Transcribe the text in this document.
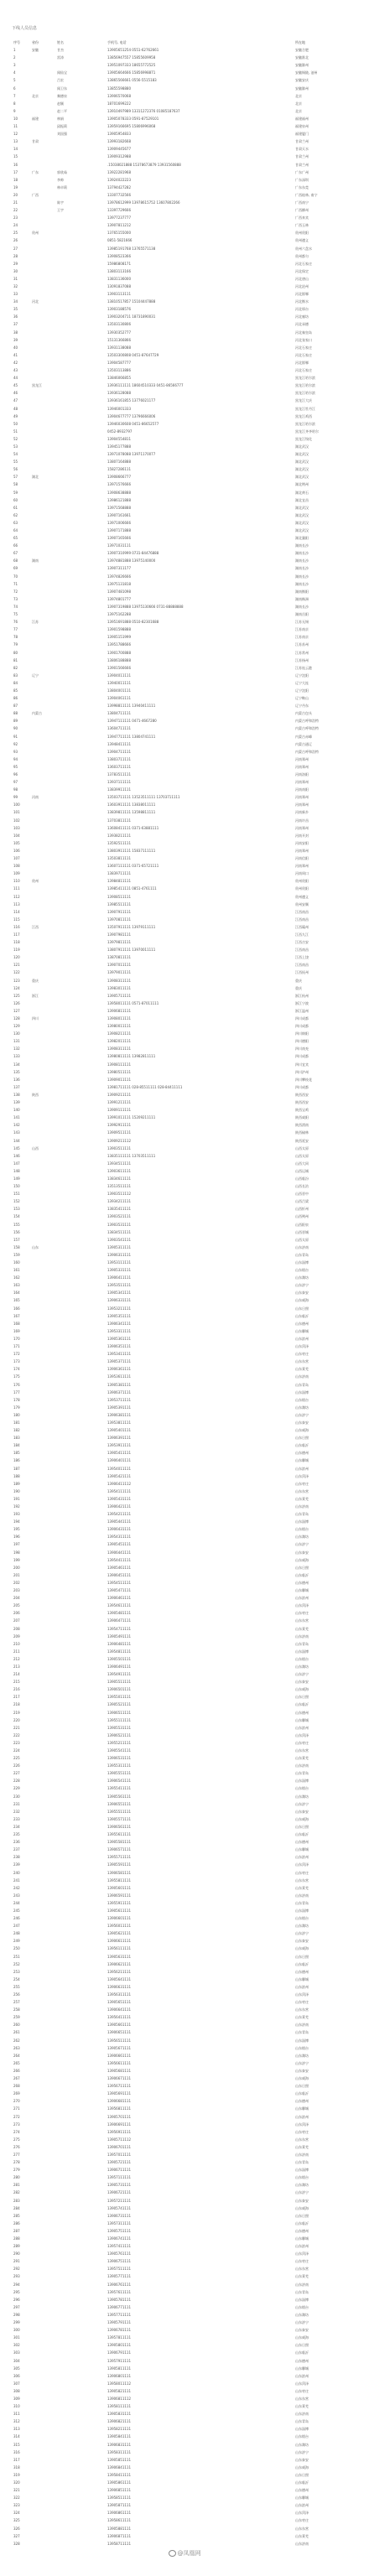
下线人员信息
序号	省份	姓名	手机号, 电话	所在地
1	安徽	甘杰	13905651254 0551-62762661	安徽合肥
2		雷涛	13856947557 15855609958	安徽淮北
3			13951097333 18655772525	安徽滁州
4		闻仙宝	13905664666 15856998871	安徽铜陵, 池州
5		吕宏	13865566661 0556-5515183	安徽安庆
6		闻卫东	13855598880	安徽滁州
7	北京	黎德泉	13906570068	北京
8		赵颖	18701699222	北京
9		赵二平	13910497989 13311272376 01085187637	北京
10	福建	林娟	13905078333 0591-87529101	福建福州
11		邱振莉	13959166695 15806996068	福建泉州
12		刘国强	13905954833	福建厦门
13	甘肃		13993182668	甘肃兰州
14			13909445677	甘肃天水
15			13909312988	甘肃兰州
16			.15038021888 15378673879 13931560888	甘肃兰州
17	广东	郭欣茹	13922281968	广东广州
18		李帅	13924022223	广东深圳
19		林卓莉	13794427282	广东东莞
20	广西		13307732566	广西桂林, 南宁
21		陈宇	13978612999 13978615752 13607802266	广西南宁
22		王宇	13397729666	广西柳州
23			13977237777	广西来宾
24			13907811212	广西玉林
25	贵州		13765155000	贵州贵阳
26			0851-5821666	贵州遵义
27			13985191768 13765571138	贵州六盘水
28			13908523366	贵州都匀
29			15986808171	河北石家庄
30			13803113166	河北保定
31			13831136000	河北唐山
32			13091837088	河北沧州
33			13903113111	河北邯郸
34	河北		13810517857 15104447888	河北衡水
35			13903188576	河北邢台
36			13903204711 18731890031	河北廊坊
37			13503130806	河北承德
38			13930352777	河北秦皇岛
39			15131366866	河北张家口
40			13931138088	河北石家庄
41			13503300808 0451-87647729	河北石家庄
42			13904587777	河北邯郸
43			13503113886	河北石家庄
44			13846066855	黑龙江哈尔滨
45	黑龙江		13936111111 18604510333 0451-86566777	黑龙江哈尔滨
46			13936128088	黑龙江哈尔滨
47			13936161855 13776021177	黑龙江大庆
48			13946001333	黑龙江牡丹江
49			13904677777 13796666006	黑龙江鸡西
50			13946030608 0451-86652577	黑龙江哈尔滨
51			0452-8932797	黑龙江齐齐哈尔
52			13904554811	黑龙江绥化
53			13945177888	湖北武汉
54			13971078088 13971170077	湖北武汉
55			13807164888	湖北武汉
56			15827286111	湖北武汉
57	湖北		13908666777	湖北武汉
58			13971576666	湖北荆州
59			13908638888	湖北黄石
60			13986121888	湖北宜昌
61			13971568888	湖北武汉
62			13907161661	湖北武汉
63			13971006666	湖北武汉
64			13907171888	湖北武汉
65			13907165666	湖北襄阳
66			13971031111	湖南长沙
67			13907310999 0731-84476888	湖南长沙
68	湖南		13974881888 13975140000	湖南长沙
69			13907311177	湖南长沙
70			13974826666	湖南长沙
71			13975131818	湖南长沙
72			13907481098	湖南衡阳
73			13974801777	湖南株洲
74			13907319888 13975130666 0731-88888888	湖南长沙
75			13975162288	湖南岳阳
76	江苏		13951691888 0510-82301688	江苏无锡
77			13901598888	江苏南京
78			13905151999	江苏南京
79			13951788666	江苏苏州
80			13901700888	江苏常州
81			13806188888	江苏扬州
82			13901566666	江苏连云港
83	辽宁		13904011111	辽宁沈阳
84			13940011111	辽宁大连
85			13804001111	辽宁沈阳
86			13904061111	辽宁鞍山
87			13998811111 13940411111	辽宁丹东
88	内蒙古		13804711111	内蒙古包头
89			13947111111 0471-4667280	内蒙古呼和浩特
90			13604711111	内蒙古呼和浩特
91			13947711111 13804741111	内蒙古赤峰
92			13948411111	内蒙古通辽
93			13904711111	内蒙古呼和浩特
94			13803711111	河南郑州
95			13603711111	河南郑州
96			13783511111	河南洛阳
97			13937111111	河南郑州
98			13839911111	河南南阳
99	河南		13503711111 13523511111 13703711111	河南郑州
100			13603911111 13838011111	河南郑州
101			13839811111 13598811111	河南新乡
102			13703811111	河南许昌
103			13608411111 0371-63881111	河南郑州
104			13938211111	河南开封
105			13592511111	河南安阳
106			13803911111 15837111111	河南郑州
107			13503811111	河南信阳
108			13607111111 0371-65721111	河南郑州
109			13839711111	河南周口
110	贵州		13984811111	贵州贵阳
111			13985411111 0851-4761111	贵州贵阳
112			13908511111	贵州遵义
113			13985511111	贵州安顺
114			13907911111	江西南昌
115			13970811111	江西南昌
116	江西		13507911111 13979111111	江西赣州
117			13907981111	江西九江
118			13979811111	江西吉安
119			13807911111 13970011111	江西南昌
120			13870811111	江西上饶
121			13907011111	江西南昌
122			13979011111	江西抚州
123	重庆		13908311111	重庆
124			13983011111	重庆
125	浙江		13905711111	浙江杭州
126			13958011111 0571-87011111	浙江宁波
127			13906811111	浙江温州
128	四川		13908011111	四川成都
129			13980011111	四川成都
130			13908211111	四川绵阳
131			13982011111	四川德阳
132			13908311111	四川南充
133			13980811111 13982811111	四川成都
134			13908111111	四川宜宾
135			13980511111	四川泸州
136			13909011111	四川攀枝花
137			13981711111 028-85511111 028-84411111	四川成都
138	陕西		13909211111	陕西西安
139			13991211111	陕西西安
140			13909111111	陕西宝鸡
141			13991011111 15209211111	陕西咸阳
142			13992911111	陕西渭南
143			13909511111	陕西榆林
144			13909211112	陕西延安
145	山西		13903511111	山西太原
146			13835111111 13703511111	山西太原
147			13934511111	山西大同
148			13903611111	山西运城
149			13834611111	山西临汾
150			13513511111	山西长治
151			13903511112	山西晋中
152			13934211111	山西吕梁
153			13835411111	山西忻州
154			13903521111	山西朔州
155			13903531111	山西阳泉
156			13834511111	山西晋城
157			13903541111	山西太原
158	山东		13905311111	山东济南
159			13906311111	山东青岛
160			13953111111	山东淄博
161			13905331111	山东烟台
162			13906411111	山东潍坊
163			13953511111	山东济宁
164			13905341111	山东泰安
165			13906331111	山东威海
166			13953211111	山东日照
167			13905351111	山东临沂
168			13906341111	山东德州
169			13953311111	山东聊城
170			13905361111	山东滨州
171			13906351111	山东菏泽
172			13953411111	山东枣庄
173			13905371111	山东东营
174			13906361111	山东莱芜
175			13953611111	山东济南
176			13905381111	山东青岛
177			13906371111	山东淄博
178			13953711111	山东烟台
179			13905391111	山东潍坊
180			13906381111	山东济宁
181			13953811111	山东泰安
182			13905401111	山东威海
183			13906391111	山东日照
184			13953911111	山东临沂
185			13905411111	山东德州
186			13906401111	山东聊城
187			13954011111	山东滨州
188			13905421111	山东菏泽
189			13906411112	山东枣庄
190			13954111111	山东东营
191			13905431111	山东莱芜
192			13906421111	山东济南
193			13954211111	山东青岛
194			13905441111	山东淄博
195			13906431111	山东烟台
196			13954311111	山东潍坊
197			13905451111	山东济宁
198			13906441111	山东泰安
199			13954411111	山东威海
200			13905461111	山东日照
201			13906451111	山东临沂
202			13954511111	山东德州
203			13905471111	山东聊城
204			13906461111	山东滨州
205			13954611111	山东菏泽
206			13905481111	山东枣庄
207			13906471111	山东东营
208			13954711111	山东莱芜
209			13905491111	山东济南
210			13906481111	山东青岛
211			13954811111	山东淄博
212			13905501111	山东烟台
213			13906491111	山东潍坊
214			13954911111	山东济宁
215			13905511111	山东泰安
216			13906501111	山东威海
217			13955011111	山东日照
218			13905521111	山东临沂
219			13906511111	山东德州
220			13955111111	山东聊城
221			13905531111	山东滨州
222			13906521111	山东菏泽
223			13955211111	山东枣庄
224			13905541111	山东东营
225			13906531111	山东莱芜
226			13955311111	山东济南
227			13905551111	山东青岛
228			13906541111	山东淄博
229			13955411111	山东烟台
230			13905561111	山东潍坊
231			13906551111	山东济宁
232			13955511111	山东泰安
233			13905571111	山东威海
234			13906561111	山东日照
235			13955611111	山东临沂
236			13905581111	山东德州
237			13906571111	山东聊城
238			13955711111	山东滨州
239			13905591111	山东菏泽
240			13906581111	山东枣庄
241			13955811111	山东东营
242			13905601111	山东莱芜
243			13906591111	山东济南
244			13955911111	山东青岛
245			13905611111	山东淄博
246			13906601111	山东烟台
247			13956011111	山东潍坊
248			13905621111	山东济宁
249			13906611111	山东泰安
250			13956111111	山东威海
251			13905631111	山东日照
252			13906621111	山东临沂
253			13956211111	山东德州
254			13905641111	山东聊城
255			13906631111	山东滨州
256			13956311111	山东菏泽
257			13905651111	山东枣庄
258			13906641111	山东东营
259			13956411111	山东莱芜
260			13905661111	山东济南
261			13906651111	山东青岛
262			13956511111	山东淄博
263			13905671111	山东烟台
264			13906661111	山东潍坊
265			13956611111	山东济宁
266			13905681111	山东泰安
267			13906671111	山东威海
268			13956711111	山东日照
269			13905691111	山东临沂
270			13906681111	山东德州
271			13956811111	山东聊城
272			13905701111	山东滨州
273			13906691111	山东菏泽
274			13956911111	山东枣庄
275			13905711112	山东东营
276			13906701111	山东莱芜
277			13957011111	山东济南
278			13905721111	山东青岛
279			13906711111	山东淄博
280			13957111111	山东烟台
281			13905731111	山东潍坊
282			13906721111	山东济宁
283			13957211111	山东泰安
284			13905741111	山东威海
285			13906731111	山东日照
286			13957311111	山东临沂
287			13905751111	山东德州
288			13906741111	山东聊城
289			13957411111	山东滨州
290			13905761111	山东菏泽
291			13906751111	山东枣庄
292			13957511111	山东东营
293			13905771111	山东莱芜
294			13906761111	山东济南
295			13957611111	山东青岛
296			13905781111	山东淄博
297			13906771111	山东烟台
298			13957711111	山东潍坊
299			13905791111	山东济宁
300			13906781111	山东泰安
301			13957811111	山东威海
302			13905801111	山东日照
303			13906791111	山东临沂
304			13957911111	山东德州
305			13905811111	山东聊城
306			13906801111	山东滨州
307			13958011112	山东菏泽
308			13905821111	山东枣庄
309			13906811112	山东东营
310			13958111111	山东莱芜
311			13905831111	山东济南
312			13906821111	山东青岛
313			13958211111	山东淄博
314			13905841111	山东烟台
315			13906831111	山东潍坊
316			13958311111	山东济宁
317			13905851111	山东泰安
318			13906841111	山东威海
319			13958411111	山东日照
320			13905861111	山东临沂
321			13906851111	山东德州
322			13958511111	山东聊城
323			13905871111	山东滨州
324			13906861111	山东菏泽
325			13958611111	山东枣庄
326			13905881111	山东东营
327			13906871111	山东莱芜
328			13958711111	山东济南
@凤凰网
